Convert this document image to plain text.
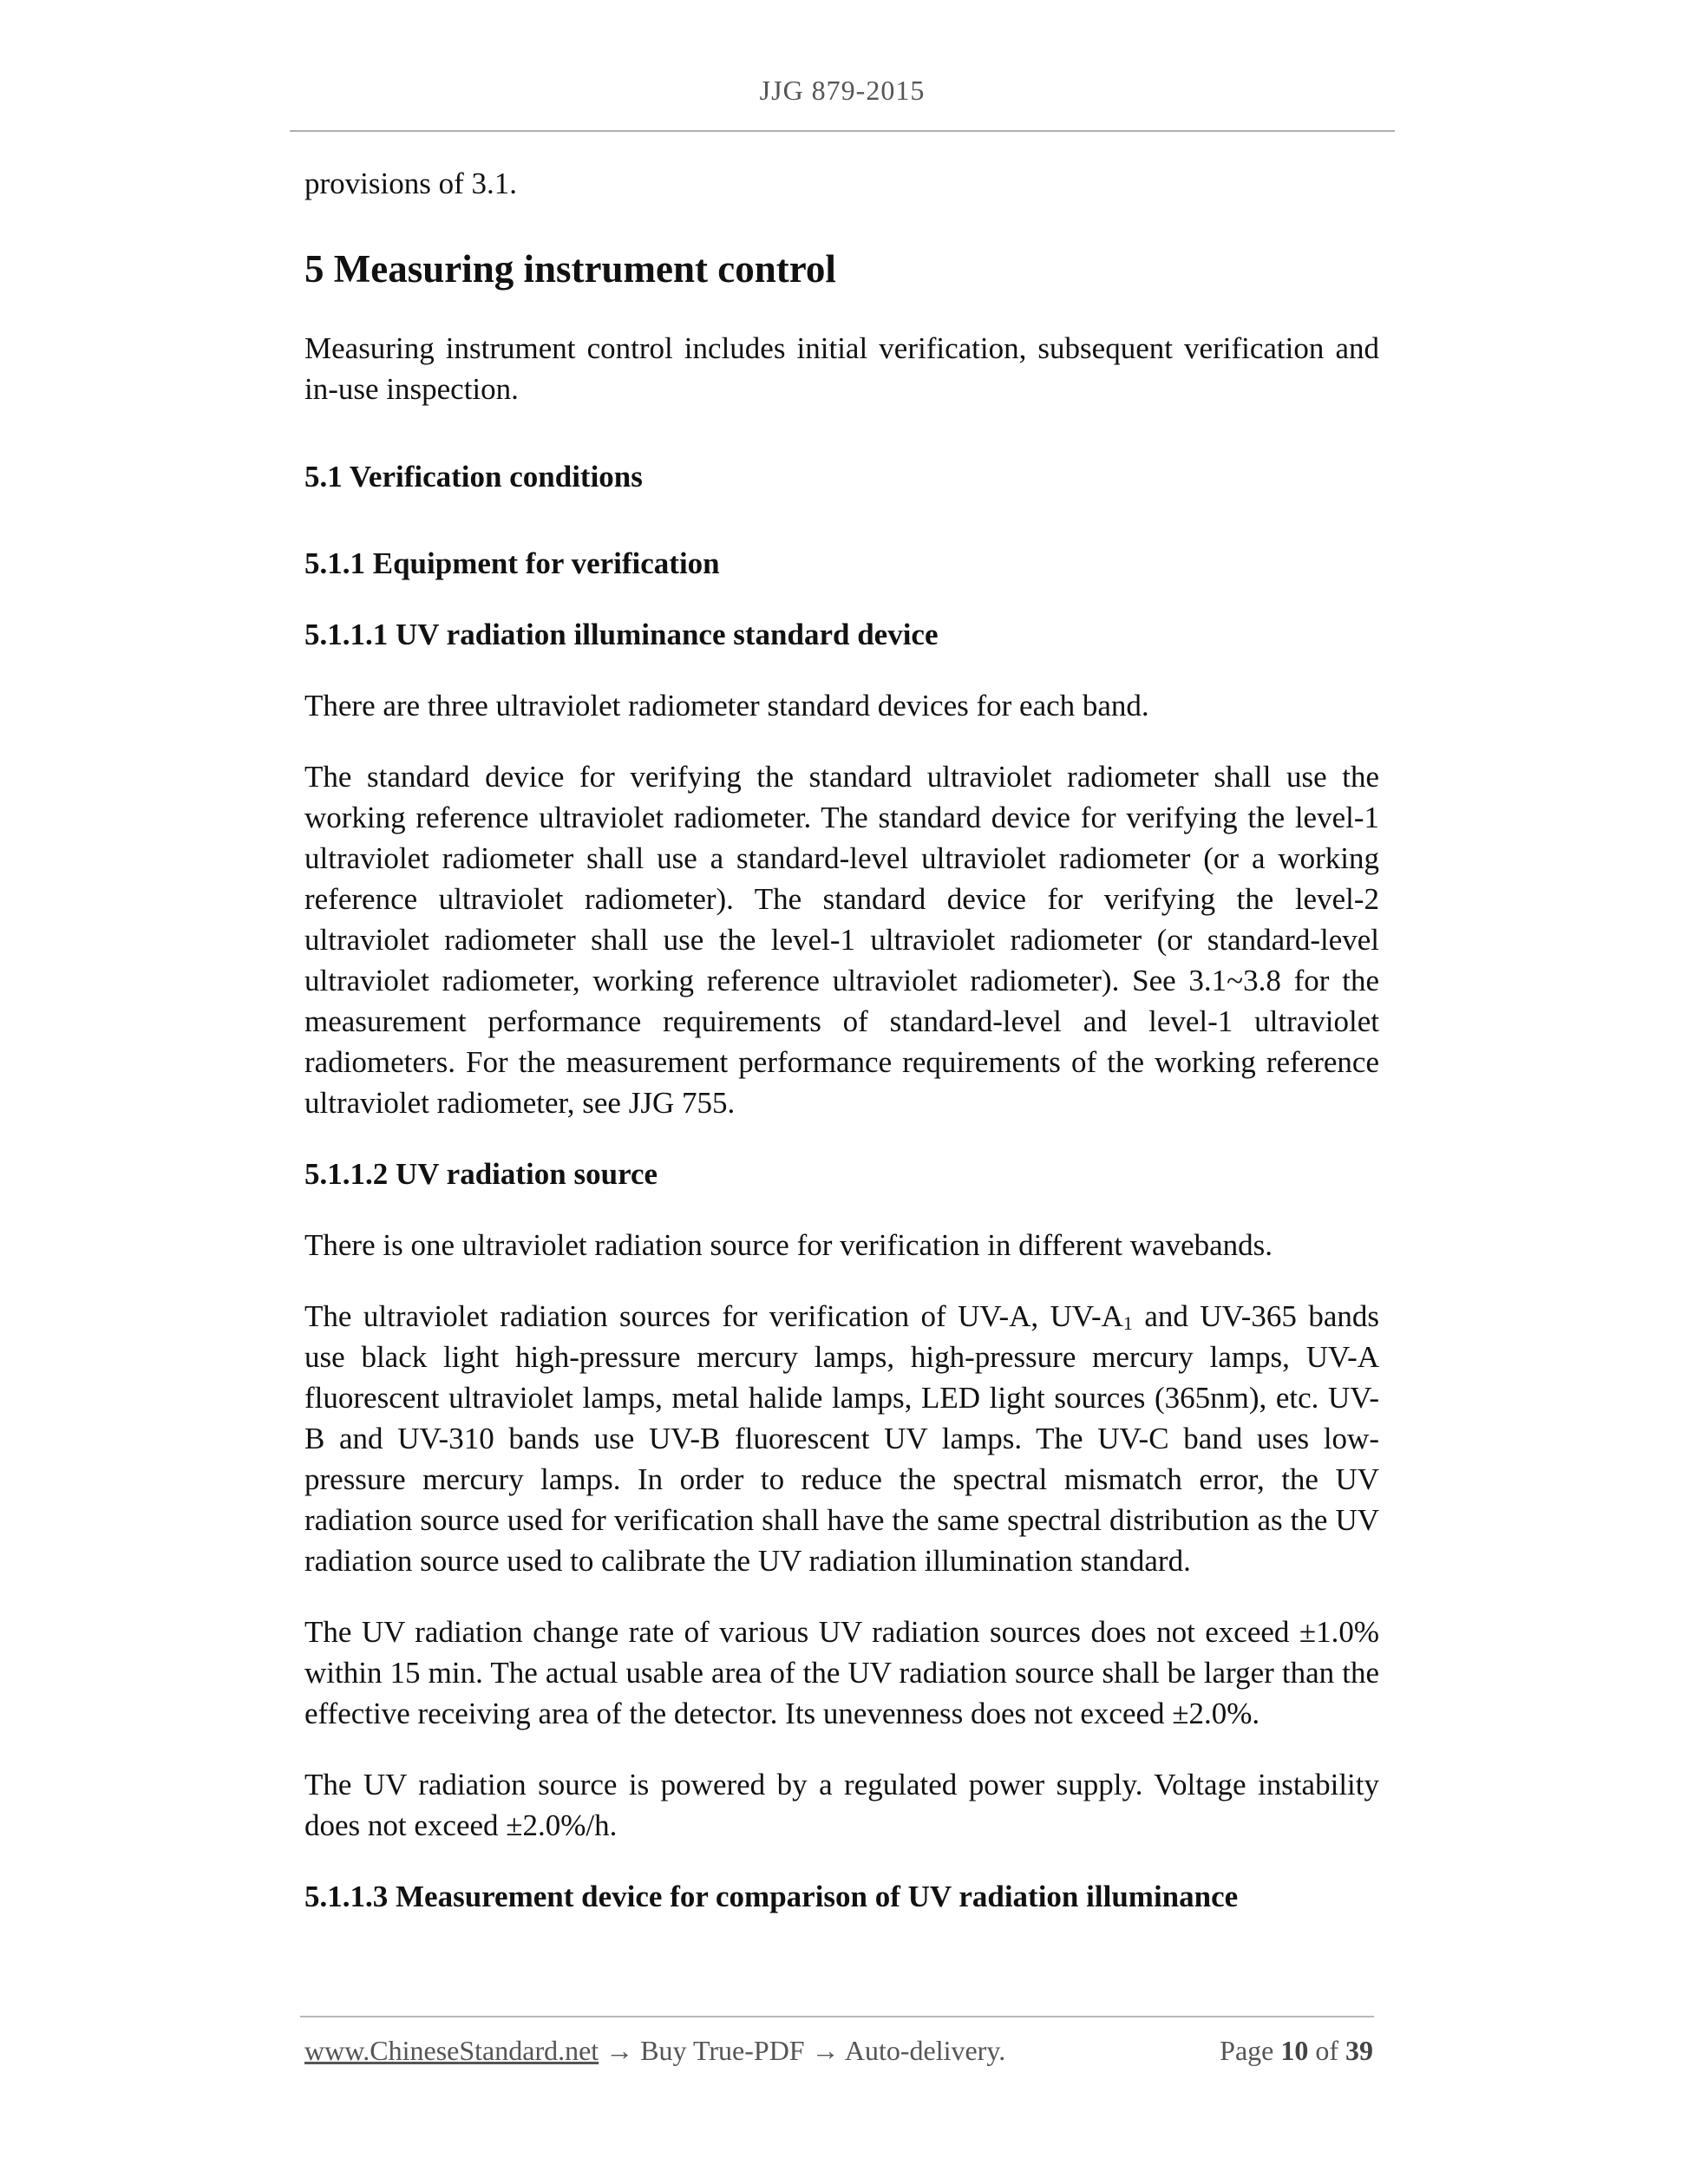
JJG 879-2015

provisions of 3.1.

5 Measuring instrument control

Measuring instrument control includes initial verification, subsequent verification and in-use inspection.

5.1 Verification conditions
5.1.1 Equipment for verification
5.1.1.1 UV radiation illuminance standard device

There are three ultraviolet radiometer standard devices for each band.

The standard device for verifying the standard ultraviolet radiometer shall use the working reference ultraviolet radiometer. The standard device for verifying the level-1 ultraviolet radiometer shall use a standard-level ultraviolet radiometer (or a working reference ultraviolet radiometer). The standard device for verifying the level-2 ultraviolet radiometer shall use the level-1 ultraviolet radiometer (or standard-level ultraviolet radiometer, working reference ultraviolet radiometer). See 3.1~3.8 for the measurement performance requirements of standard-level and level-1 ultraviolet radiometers. For the measurement performance requirements of the working reference ultraviolet radiometer, see JJG 755.

5.1.1.2 UV radiation source

There is one ultraviolet radiation source for verification in different wavebands.

The ultraviolet radiation sources for verification of UV-A, UV-A1 and UV-365 bands use black light high-pressure mercury lamps, high-pressure mercury lamps, UV-A fluorescent ultraviolet lamps, metal halide lamps, LED light sources (365nm), etc. UV-B and UV-310 bands use UV-B fluorescent UV lamps. The UV-C band uses low-pressure mercury lamps. In order to reduce the spectral mismatch error, the UV radiation source used for verification shall have the same spectral distribution as the UV radiation source used to calibrate the UV radiation illumination standard.

The UV radiation change rate of various UV radiation sources does not exceed ±1.0% within 15 min. The actual usable area of the UV radiation source shall be larger than the effective receiving area of the detector. Its unevenness does not exceed ±2.0%.

The UV radiation source is powered by a regulated power supply. Voltage instability does not exceed ±2.0%/h.

5.1.1.3 Measurement device for comparison of UV radiation illuminance
www.ChineseStandard.net → Buy True-PDF → Auto-delivery.	Page 10 of 39
